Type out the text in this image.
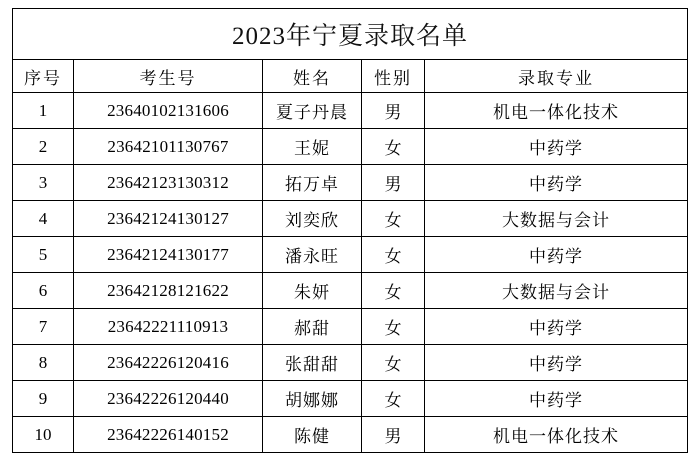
2023年宁夏录取名单
序号	考生号	姓名	性别	录取专业
1	23640102131606	夏子丹晨	男	机电一体化技术
2	23642101130767	王妮	女	中药学
3	23642123130312	拓万卓	男	中药学
4	23642124130127	刘奕欣	女	大数据与会计
5	23642124130177	潘永旺	女	中药学
6	23642128121622	朱妍	女	大数据与会计
7	23642221110913	郝甜	女	中药学
8	23642226120416	张甜甜	女	中药学
9	23642226120440	胡娜娜	女	中药学
10	23642226140152	陈健	男	机电一体化技术
